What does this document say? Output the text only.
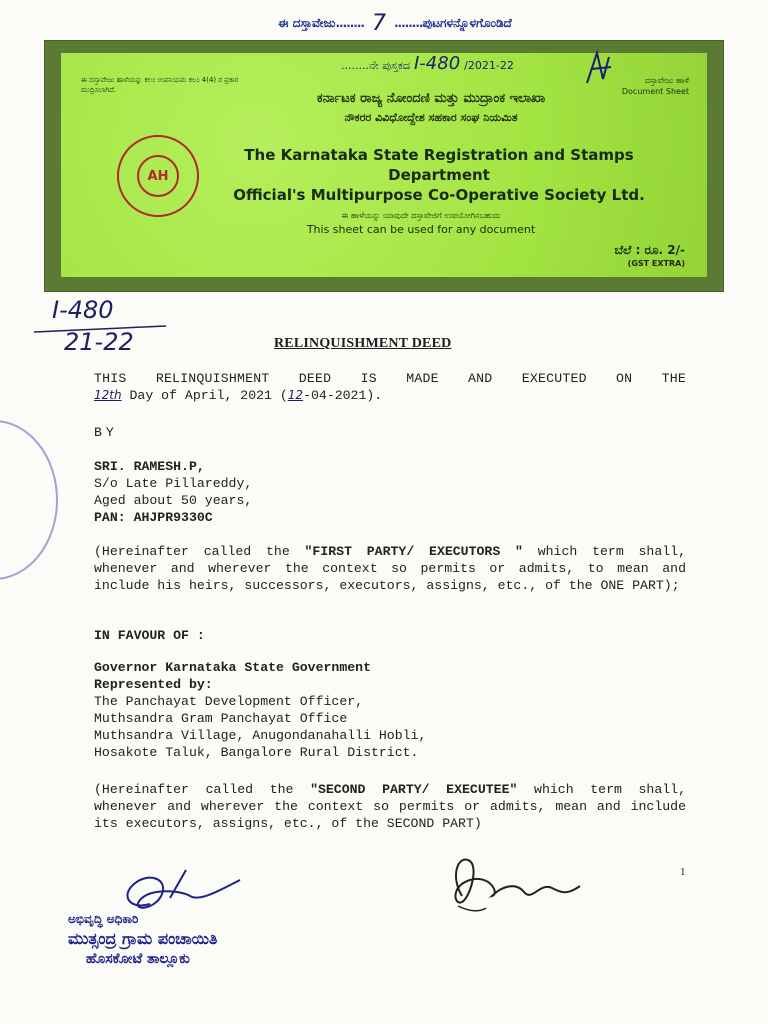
ಈ ದಸ್ತಾವೇಜು........ 7 ........ಪುಟಗಳನ್ನೊಳಗೊಂಡಿದೆ
........ನೇ ಪುಸ್ತಕದ I-480 /2021-22
ಈ ದಸ್ತಾವೇಜು ಹಾಳೆಯನ್ನು ಕಲಂ ಉಪನಿಯಮ ಕಲಂ 4(4) ರ ಪ್ರಕಾರ ಮುದ್ರಿಸಲಾಗಿದೆ.
ದಸ್ತಾವೇಜು ಹಾಳೆ
Document Sheet
ಕರ್ನಾಟಕ ರಾಜ್ಯ ನೋಂದಣಿ ಮತ್ತು ಮುದ್ರಾಂಕ ಇಲಾಖಾ
ನೌಕರರ ವಿವಿಧೋದ್ದೇಶ ಸಹಕಾರ ಸಂಘ ನಿಯಮಿತ
AH
The Karnataka State Registration and Stamps Department
Official's Multipurpose Co-Operative Society Ltd.
ಈ ಹಾಳೆಯನ್ನು ಯಾವುದೇ ದಸ್ತಾವೇಜಿಗೆ ಉಪಯೋಗಿಸಬಹುದು
This sheet can be used for any document
ಬೆಲೆ : ರೂ. 2/-
(GST EXTRA)
I-480
21-22	RELINQUISHMENT DEED
THIS RELINQUISHMENT DEED IS MADE AND EXECUTED ON THE
12th Day of April, 2021 (12-04-2021).
BY
SRI. RAMESH.P,
S/o Late Pillareddy,
Aged about 50 years,
PAN: AHJPR9330C
(Hereinafter called the "FIRST PARTY/ EXECUTORS " which term shall, whenever and wherever the context so permits or admits, to mean and include his heirs, successors, executors, assigns, etc., of the ONE PART);
IN FAVOUR OF :
Governor Karnataka State Government
Represented by:
The Panchayat Development Officer,
Muthsandra Gram Panchayat Office
Muthsandra Village, Anugondanahalli Hobli,
Hosakote Taluk, Bangalore Rural District.
(Hereinafter called the "SECOND PARTY/ EXECUTEE" which term shall, whenever and wherever the context so permits or admits, mean and include its executors, assigns, etc., of the SECOND PART)
1
ಅಭಿವೃದ್ಧಿ ಅಧಿಕಾರಿ
ಮುತ್ಸಂದ್ರ ಗ್ರಾಮ ಪಂಚಾಯಿತಿ
ಹೊಸಕೋಟೆ ತಾಲ್ಲೂಕು
